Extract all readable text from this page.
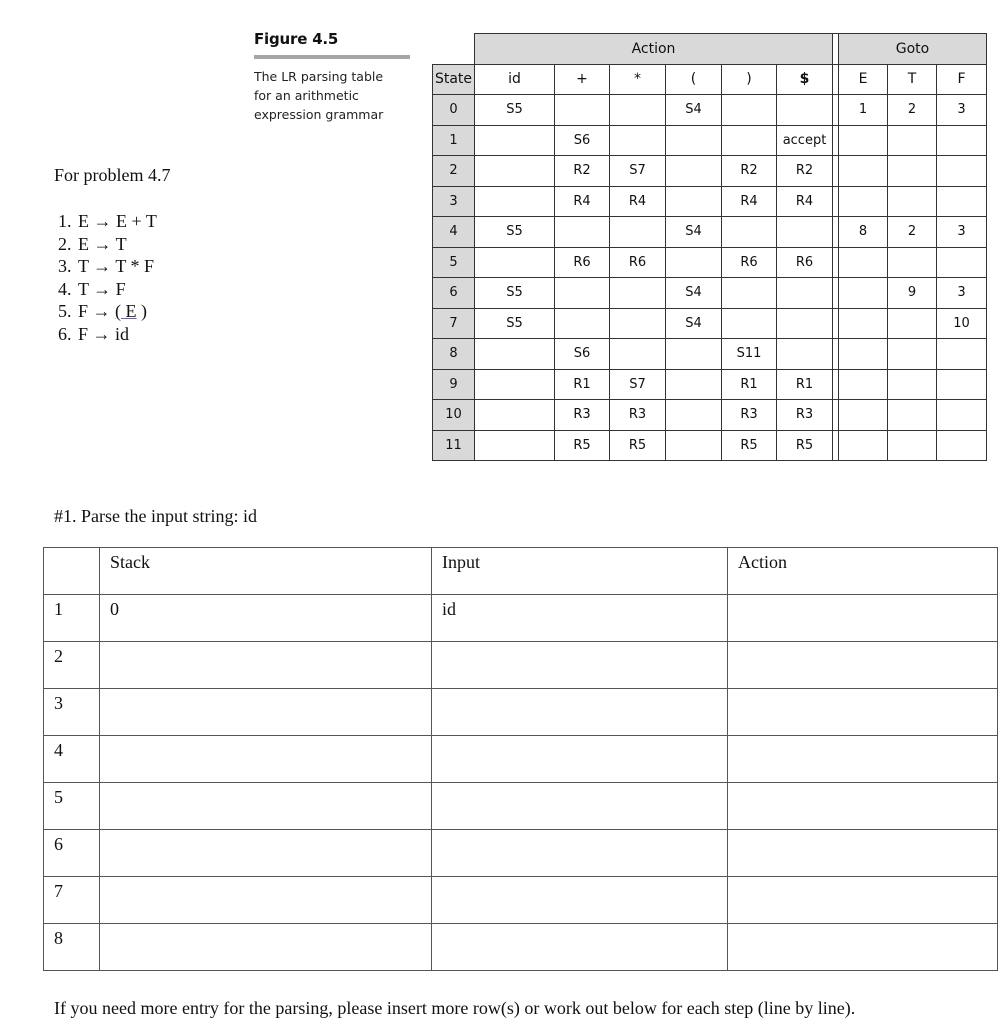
Figure 4.5
The LR parsing table
for an arithmetic
expression grammar
For problem 4.7
1. E → E + T
2. E → T
3. T → T * F
4. T → F
5. F → ( E )
6. F → id
	Action							Goto		
State	id	+	*	(	)	$		E	T	F
0	S5			S4				1	2	3
1		S6				accept				
2		R2	S7		R2	R2				
3		R4	R4		R4	R4				
4	S5			S4				8	2	3
5		R6	R6		R6	R6				
6	S5			S4					9	3
7	S5			S4						10
8		S6			S11					
9		R1	S7		R1	R1				
10		R3	R3		R3	R3				
11		R5	R5		R5	R5				
#1. Parse the input string: id
	Stack	Input	Action
1	0	id	
2			
3			
4			
5			
6			
7			
8			
If you need more entry for the parsing, please insert more row(s) or work out below for each step (line by line).
